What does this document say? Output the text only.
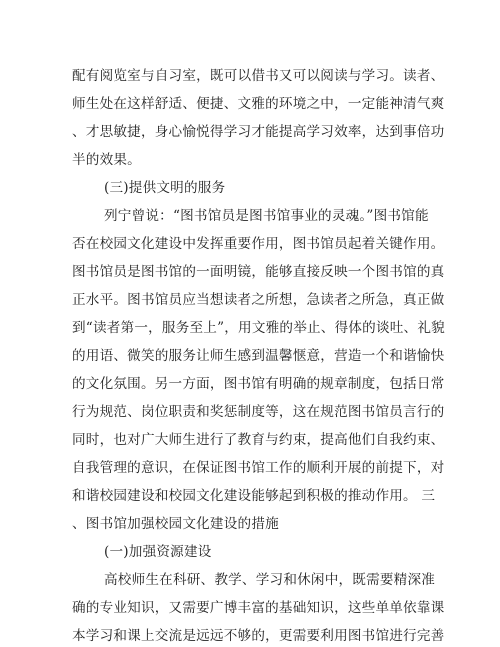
配有阅览室与自习室，既可以借书又可以阅读与学习。读者、
师生处在这样舒适、便捷、文雅的环境之中，一定能神清气爽
、才思敏捷，身心愉悦得学习才能提高学习效率，达到事倍功
半的效果。
(三)提供文明的服务
列宁曾说：“图书馆员是图书馆事业的灵魂。”图书馆能
否在校园文化建设中发挥重要作用，图书馆员起着关键作用。
图书馆员是图书馆的一面明镜，能够直接反映一个图书馆的真
正水平。图书馆员应当想读者之所想，急读者之所急，真正做
到“读者第一，服务至上”，用文雅的举止、得体的谈吐、礼貌
的用语、微笑的服务让师生感到温馨惬意，营造一个和谐愉快
的文化氛围。另一方面，图书馆有明确的规章制度，包括日常
行为规范、岗位职责和奖惩制度等，这在规范图书馆员言行的
同时，也对广大师生进行了教育与约束，提高他们自我约束、
自我管理的意识，在保证图书馆工作的顺利开展的前提下，对
和谐校园建设和校园文化建设能够起到积极的推动作用。 三
、图书馆加强校园文化建设的措施
(一)加强资源建设
高校师生在科研、教学、学习和休闲中，既需要精深准
确的专业知识，又需要广博丰富的基础知识，这些单单依靠课
本学习和课上交流是远远不够的，更需要利用图书馆进行完善
